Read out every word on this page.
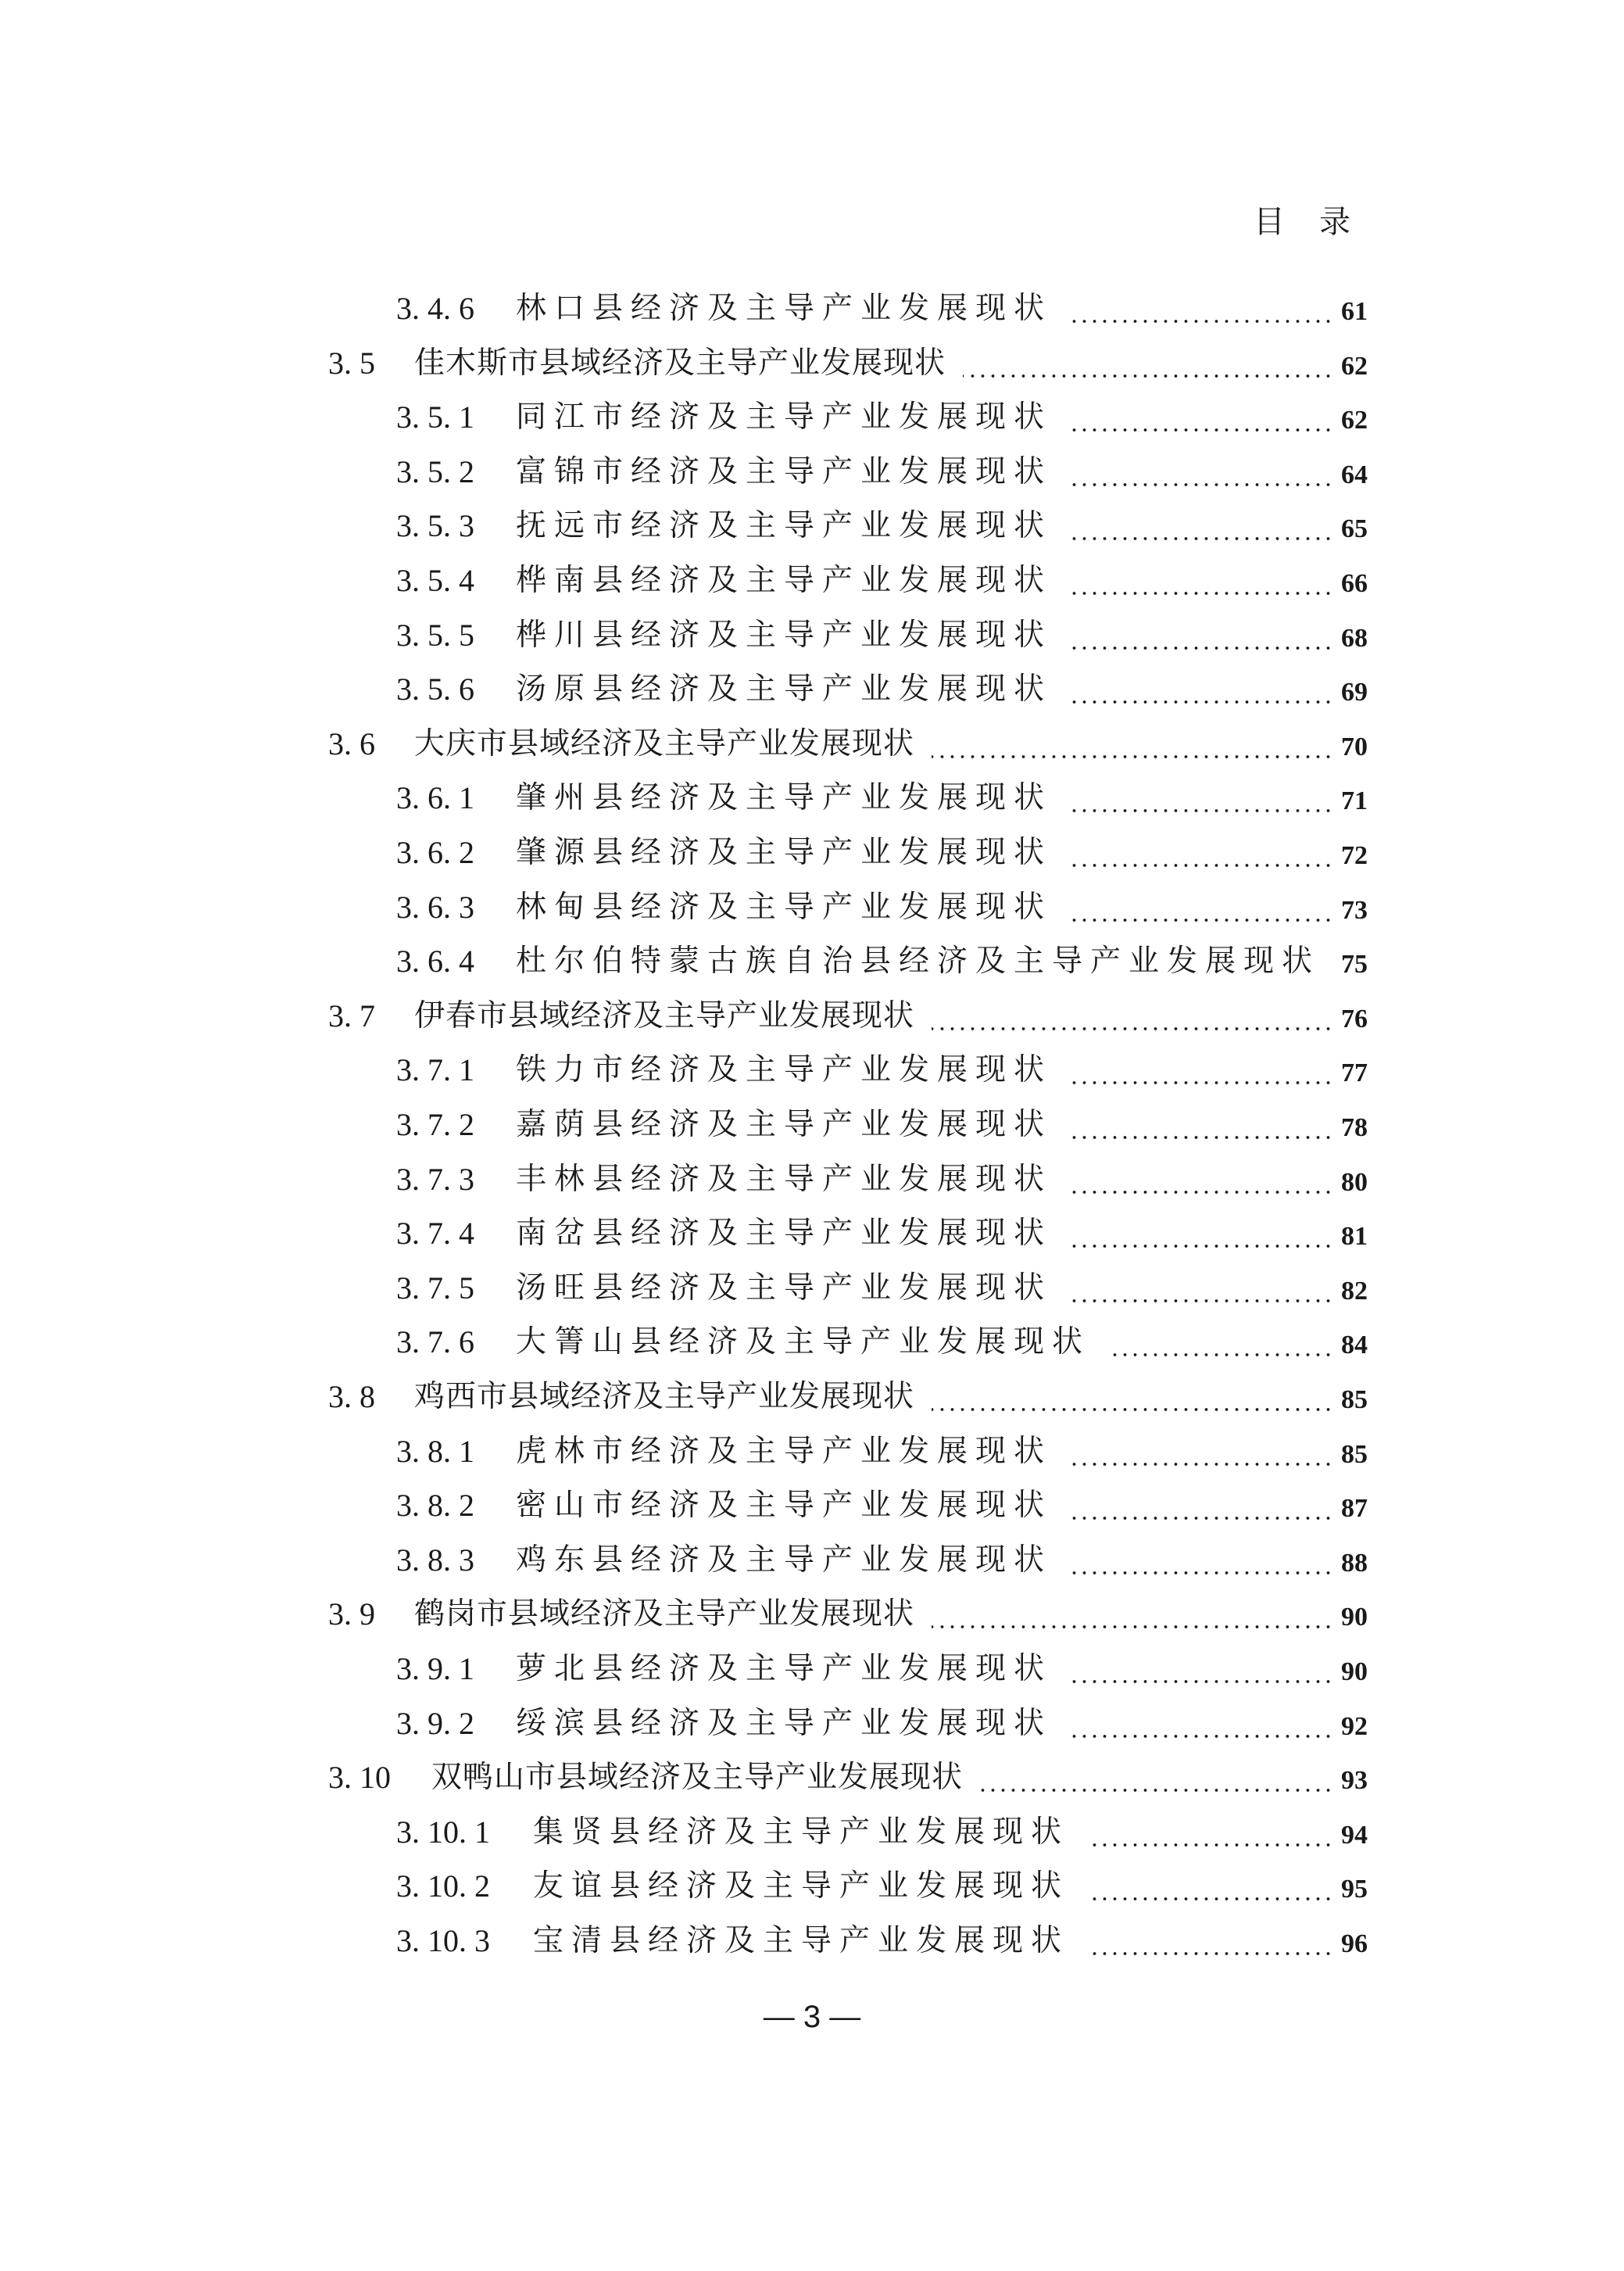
目录
3. 4. 6 林口县经济及主导产业发展现状	61
3. 5 佳木斯市县域经济及主导产业发展现状	62
3. 5. 1 同江市经济及主导产业发展现状	62
3. 5. 2 富锦市经济及主导产业发展现状	64
3. 5. 3 抚远市经济及主导产业发展现状	65
3. 5. 4 桦南县经济及主导产业发展现状	66
3. 5. 5 桦川县经济及主导产业发展现状	68
3. 5. 6 汤原县经济及主导产业发展现状	69
3. 6 大庆市县域经济及主导产业发展现状	70
3. 6. 1 肇州县经济及主导产业发展现状	71
3. 6. 2 肇源县经济及主导产业发展现状	72
3. 6. 3 林甸县经济及主导产业发展现状	73
3. 6. 4 杜尔伯特蒙古族自治县经济及主导产业发展现状 75
3. 7 伊春市县域经济及主导产业发展现状	76
3. 7. 1 铁力市经济及主导产业发展现状	77
3. 7. 2 嘉荫县经济及主导产业发展现状	78
3. 7. 3 丰林县经济及主导产业发展现状	80
3. 7. 4 南岔县经济及主导产业发展现状	81
3. 7. 5 汤旺县经济及主导产业发展现状	82
3. 7. 6 大箐山县经济及主导产业发展现状	84
3. 8 鸡西市县域经济及主导产业发展现状	85
3. 8. 1 虎林市经济及主导产业发展现状	85
3. 8. 2 密山市经济及主导产业发展现状	87
3. 8. 3 鸡东县经济及主导产业发展现状	88
3. 9 鹤岗市县域经济及主导产业发展现状	90
3. 9. 1 萝北县经济及主导产业发展现状	90
3. 9. 2 绥滨县经济及主导产业发展现状	92
3. 10 双鸭山市县域经济及主导产业发展现状	93
3. 10. 1 集贤县经济及主导产业发展现状	94
3. 10. 2 友谊县经济及主导产业发展现状	95
3. 10. 3 宝清县经济及主导产业发展现状	96
— 3 —
